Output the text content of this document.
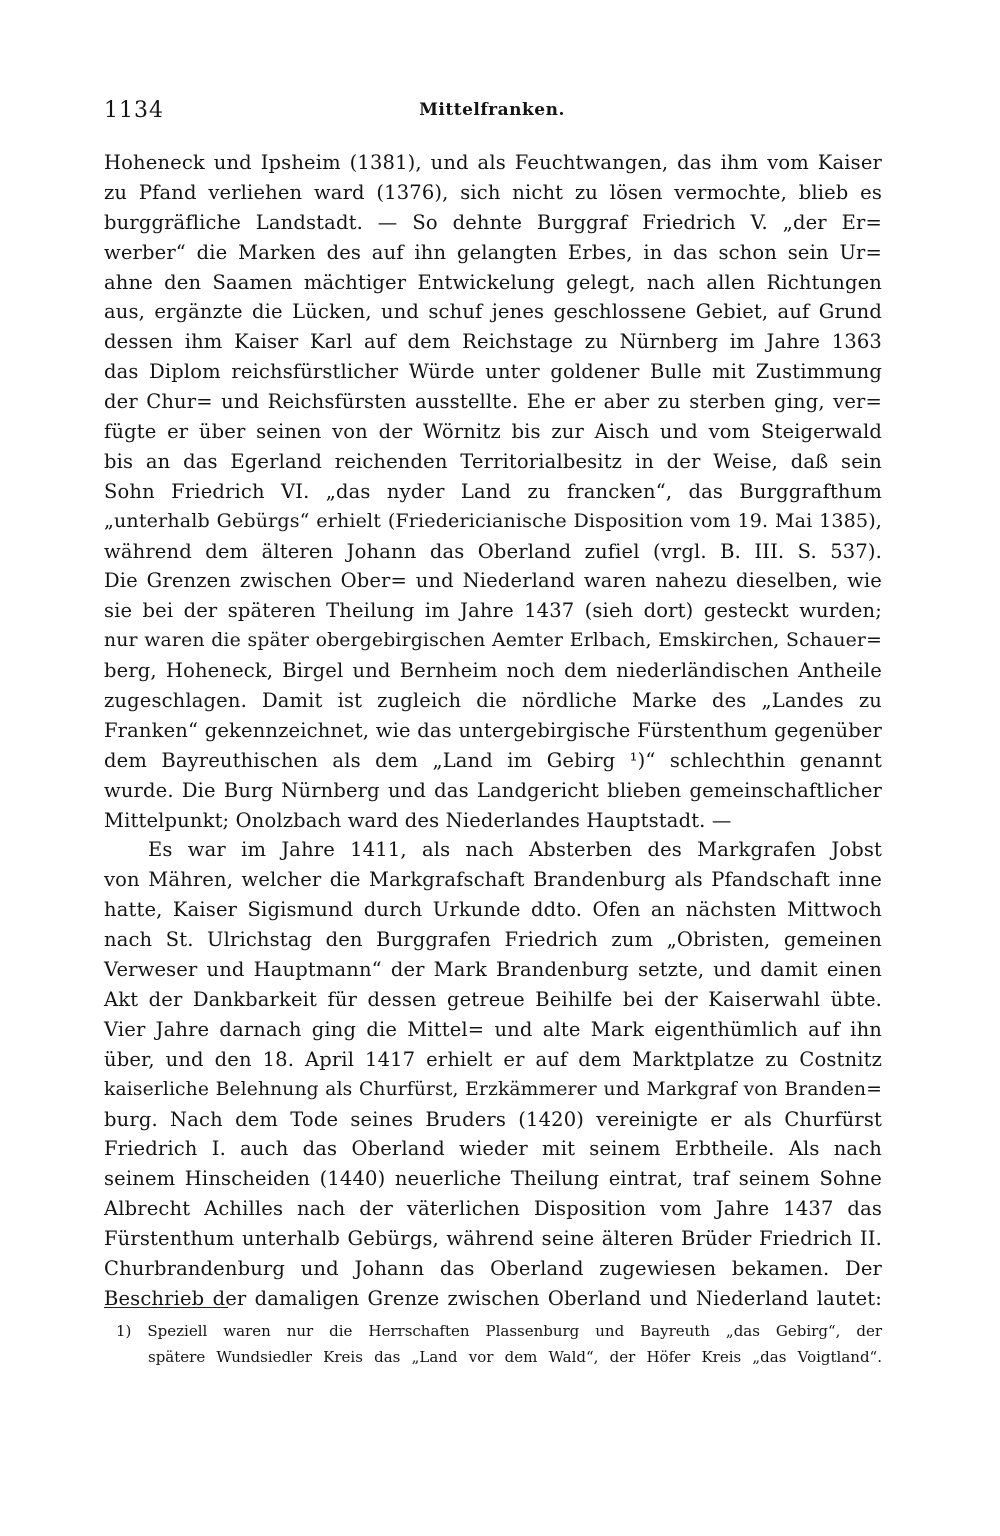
1134	Mittelfranken.
Hoheneck und Ipsheim (1381), und als Feuchtwangen, das ihm vom Kaiser
zu Pfand verliehen ward (1376), sich nicht zu lösen vermochte, blieb es
burggräfliche Landstadt. — So dehnte Burggraf Friedrich V. „der Er=
werber“ die Marken des auf ihn gelangten Erbes, in das schon sein Ur=
ahne den Saamen mächtiger Entwickelung gelegt, nach allen Richtungen
aus, ergänzte die Lücken, und schuf jenes geschlossene Gebiet, auf Grund
dessen ihm Kaiser Karl auf dem Reichstage zu Nürnberg im Jahre 1363
das Diplom reichsfürstlicher Würde unter goldener Bulle mit Zustimmung
der Chur= und Reichsfürsten ausstellte. Ehe er aber zu sterben ging, ver=
fügte er über seinen von der Wörnitz bis zur Aisch und vom Steigerwald
bis an das Egerland reichenden Territorialbesitz in der Weise, daß sein
Sohn Friedrich VI. „das nyder Land zu francken“, das Burggrafthum
„unterhalb Gebürgs“ erhielt (Friedericianische Disposition vom 19. Mai 1385),
während dem älteren Johann das Oberland zufiel (vrgl. B. III. S. 537).
Die Grenzen zwischen Ober= und Niederland waren nahezu dieselben, wie
sie bei der späteren Theilung im Jahre 1437 (sieh dort) gesteckt wurden;
nur waren die später obergebirgischen Aemter Erlbach, Emskirchen, Schauer=
berg, Hoheneck, Birgel und Bernheim noch dem niederländischen Antheile
zugeschlagen. Damit ist zugleich die nördliche Marke des „Landes zu
Franken“ gekennzeichnet, wie das untergebirgische Fürstenthum gegenüber
dem Bayreuthischen als dem „Land im Gebirg ¹)“ schlechthin genannt
wurde. Die Burg Nürnberg und das Landgericht blieben gemeinschaftlicher
Mittelpunkt; Onolzbach ward des Niederlandes Hauptstadt. —
Es war im Jahre 1411, als nach Absterben des Markgrafen Jobst
von Mähren, welcher die Markgrafschaft Brandenburg als Pfandschaft inne
hatte, Kaiser Sigismund durch Urkunde ddto. Ofen an nächsten Mittwoch
nach St. Ulrichstag den Burggrafen Friedrich zum „Obristen, gemeinen
Verweser und Hauptmann“ der Mark Brandenburg setzte, und damit einen
Akt der Dankbarkeit für dessen getreue Beihilfe bei der Kaiserwahl übte.
Vier Jahre darnach ging die Mittel= und alte Mark eigenthümlich auf ihn
über, und den 18. April 1417 erhielt er auf dem Marktplatze zu Costnitz
kaiserliche Belehnung als Churfürst, Erzkämmerer und Markgraf von Branden=
burg. Nach dem Tode seines Bruders (1420) vereinigte er als Churfürst
Friedrich I. auch das Oberland wieder mit seinem Erbtheile. Als nach
seinem Hinscheiden (1440) neuerliche Theilung eintrat, traf seinem Sohne
Albrecht Achilles nach der väterlichen Disposition vom Jahre 1437 das
Fürstenthum unterhalb Gebürgs, während seine älteren Brüder Friedrich II.
Churbrandenburg und Johann das Oberland zugewiesen bekamen. Der
Beschrieb der damaligen Grenze zwischen Oberland und Niederland lautet:
1) Speziell waren nur die Herrschaften Plassenburg und Bayreuth „das Gebirg“, der
spätere Wundsiedler Kreis das „Land vor dem Wald“, der Höfer Kreis „das Voigtland“.
